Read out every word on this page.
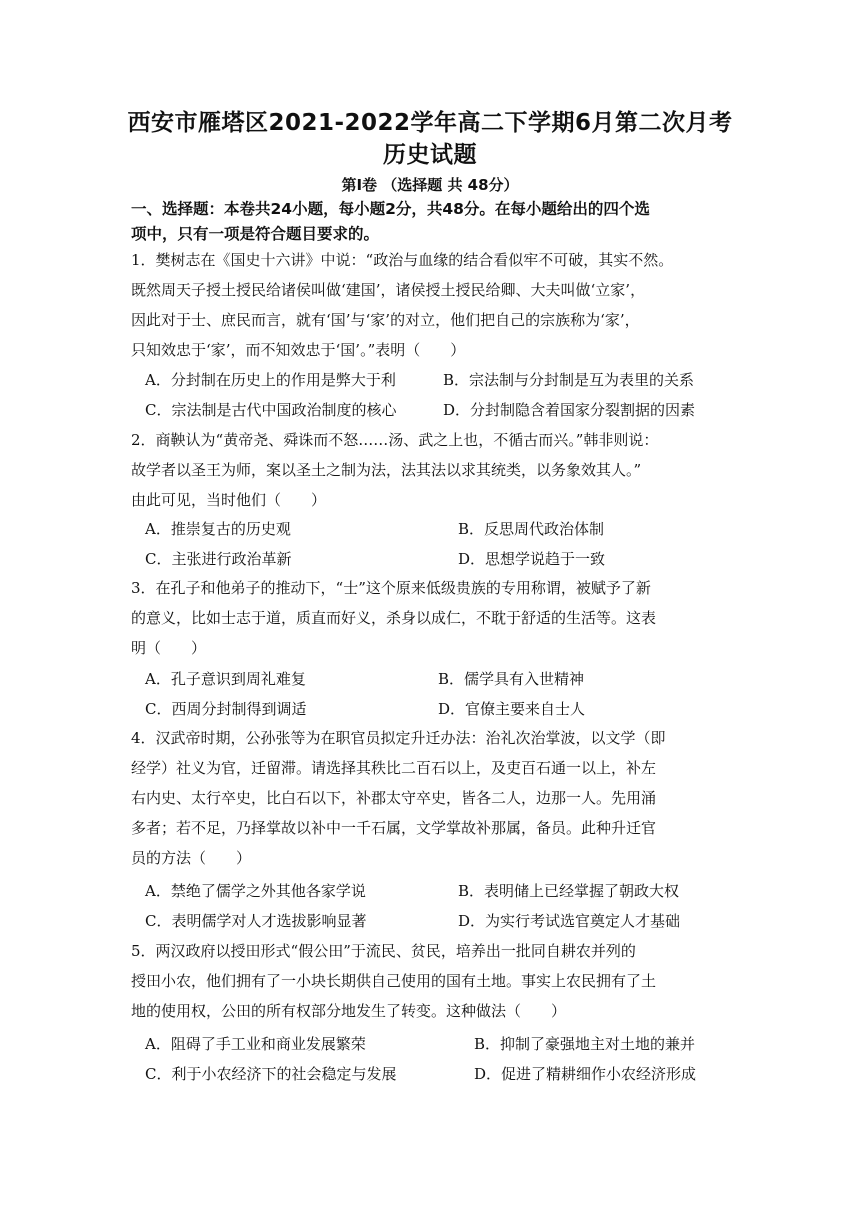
西安市雁塔区2021-2022学年高二下学期6月第二次月考
历史试题
第Ⅰ卷 （选择题 共 48分）
一、选择题：本卷共24小题，每小题2分，共48分。在每小题给出的四个选
项中，只有一项是符合题目要求的。
1．樊树志在《国史十六讲》中说：“政治与血缘的结合看似牢不可破，其实不然。
既然周天子授土授民给诸侯叫做‘建国’，诸侯授土授民给卿、大夫叫做‘立家’，
因此对于士、庶民而言，就有‘国’与‘家’的对立，他们把自己的宗族称为‘家’，
只知效忠于‘家’，而不知效忠于‘国’。”表明（　　）
A．分封制在历史上的作用是弊大于利	B．宗法制与分封制是互为表里的关系
C．宗法制是古代中国政治制度的核心	D．分封制隐含着国家分裂割据的因素
2．商鞅认为“黄帝尧、舜诛而不怒……汤、武之上也，不循古而兴。”韩非则说：
故学者以圣王为师，案以圣土之制为法，法其法以求其统类，以务象效其人。”
由此可见，当时他们（　　）
A．推崇复古的历史观	B．反思周代政治体制
C．主张进行政治革新	D．思想学说趋于一致
3．在孔子和他弟子的推动下，“士”这个原来低级贵族的专用称谓，被赋予了新
的意义，比如士志于道，质直而好义，杀身以成仁，不耽于舒适的生活等。这表
明（　　）
A．孔子意识到周礼难复	B．儒学具有入世精神
C．西周分封制得到调适	D．官僚主要来自士人
4．汉武帝时期，公孙张等为在职官员拟定升迁办法：治礼次治掌波，以文学（即
经学）社义为官，迁留滞。请选择其秩比二百石以上，及吏百石通一以上，补左
右内史、太行卒史，比白石以下，补郡太守卒史，皆各二人，边那一人。先用涌
多者；若不足，乃择掌故以补中一千石属，文学掌故补那属，备员。此种升迁官
员的方法（　　）
A．禁绝了儒学之外其他各家学说	B．表明储上已经掌握了朝政大权
C．表明儒学对人才选拔影响显著	D．为实行考试选官奠定人才基础
5．两汉政府以授田形式“假公田”于流民、贫民，培养出一批同自耕农并列的
授田小农，他们拥有了一小块长期供自己使用的国有土地。事实上农民拥有了土
地的使用权，公田的所有权部分地发生了转变。这种做法（　　）
A．阻碍了手工业和商业发展繁荣	B．抑制了豪强地主对土地的兼并
C．利于小农经济下的社会稳定与发展	D．促进了精耕细作小农经济形成
